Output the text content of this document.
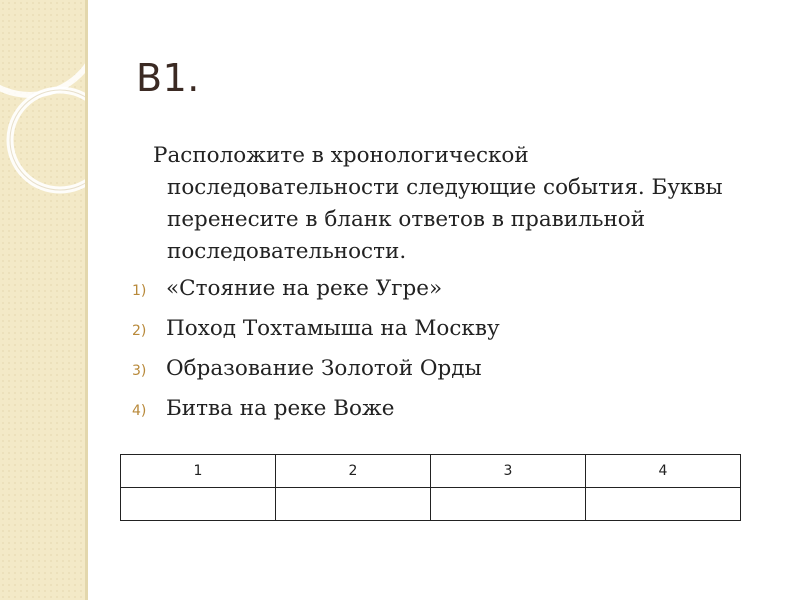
B1.
Расположите в хронологической
последовательности следующие события. Буквы перенесите в бланк ответов в правильной последовательности.
1) «Стояние на реке Угре»
2) Поход Тохтамыша на Москву
3) Образование Золотой Орды
4) Битва на реке Воже
1	2	3	4
